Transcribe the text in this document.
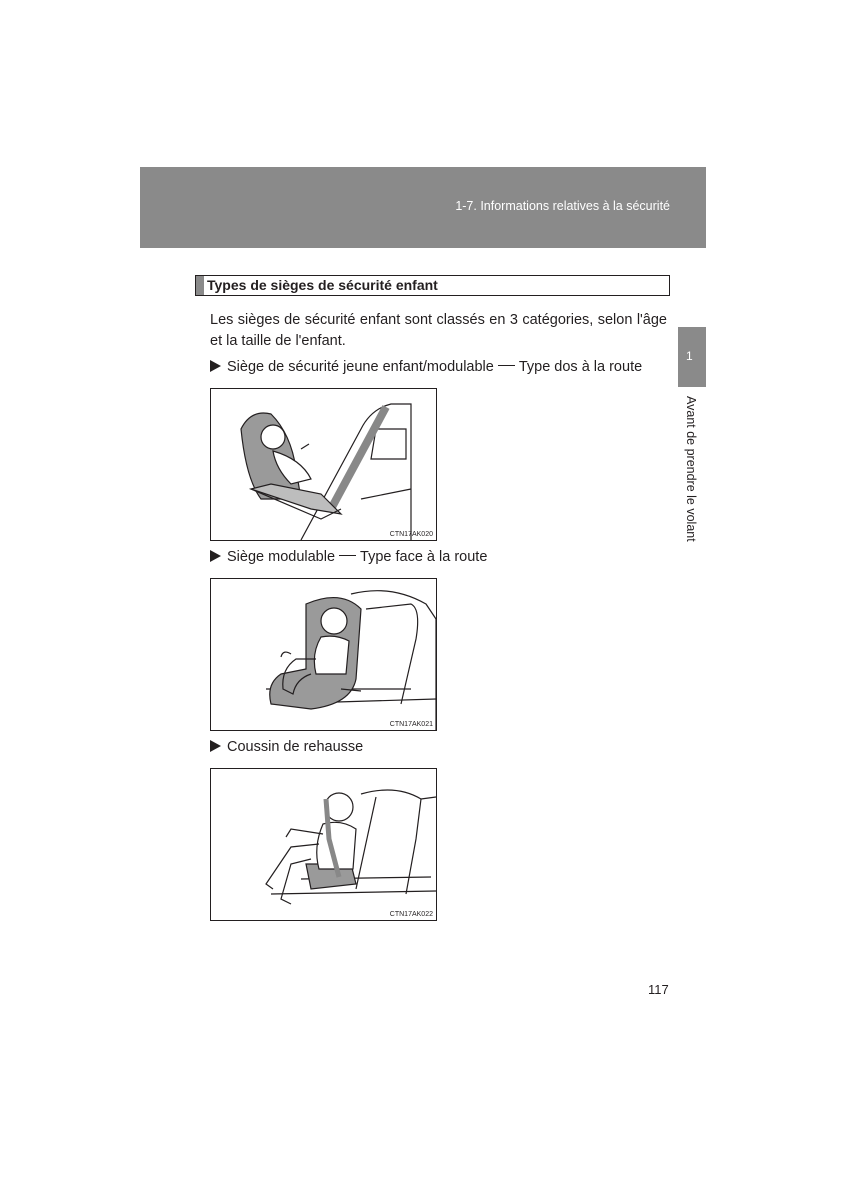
1-7. Informations relatives à la sécurité
1
Avant de prendre le volant
Types de sièges de sécurité enfant
Les sièges de sécurité enfant sont classés en 3 catégories, selon l'âge et la taille de l'enfant.
Siège de sécurité jeune enfant/modulable Type dos à la route
CTN17AK020
Siège modulable Type face à la route
CTN17AK021
Coussin de rehausse
CTN17AK022
117
